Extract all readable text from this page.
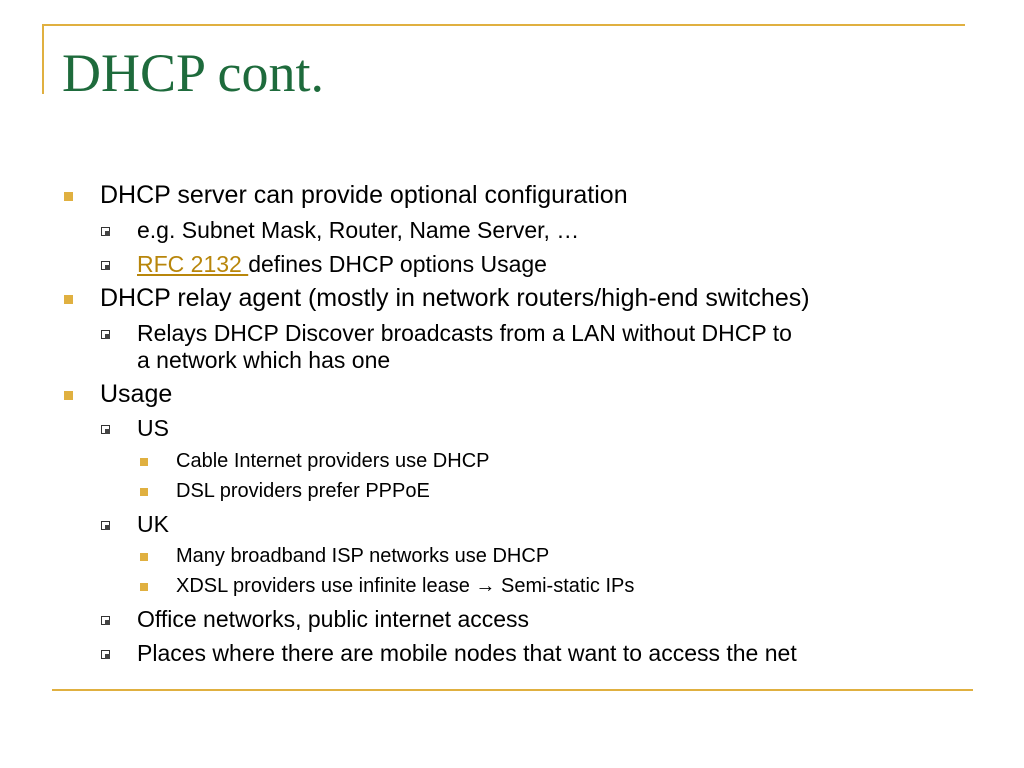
DHCP cont.
DHCP server can provide optional configuration
e.g. Subnet Mask, Router, Name Server, …
RFC 2132 defines DHCP options Usage
DHCP relay agent (mostly in network routers/high-end switches)
Relays DHCP Discover broadcasts from a LAN without DHCP to
a network which has one
Usage
US
Cable Internet providers use DHCP
DSL providers prefer PPPoE
UK
Many broadband ISP networks use DHCP
XDSL providers use infinite lease → Semi-static IPs
Office networks, public internet access
Places where there are mobile nodes that want to access the net
